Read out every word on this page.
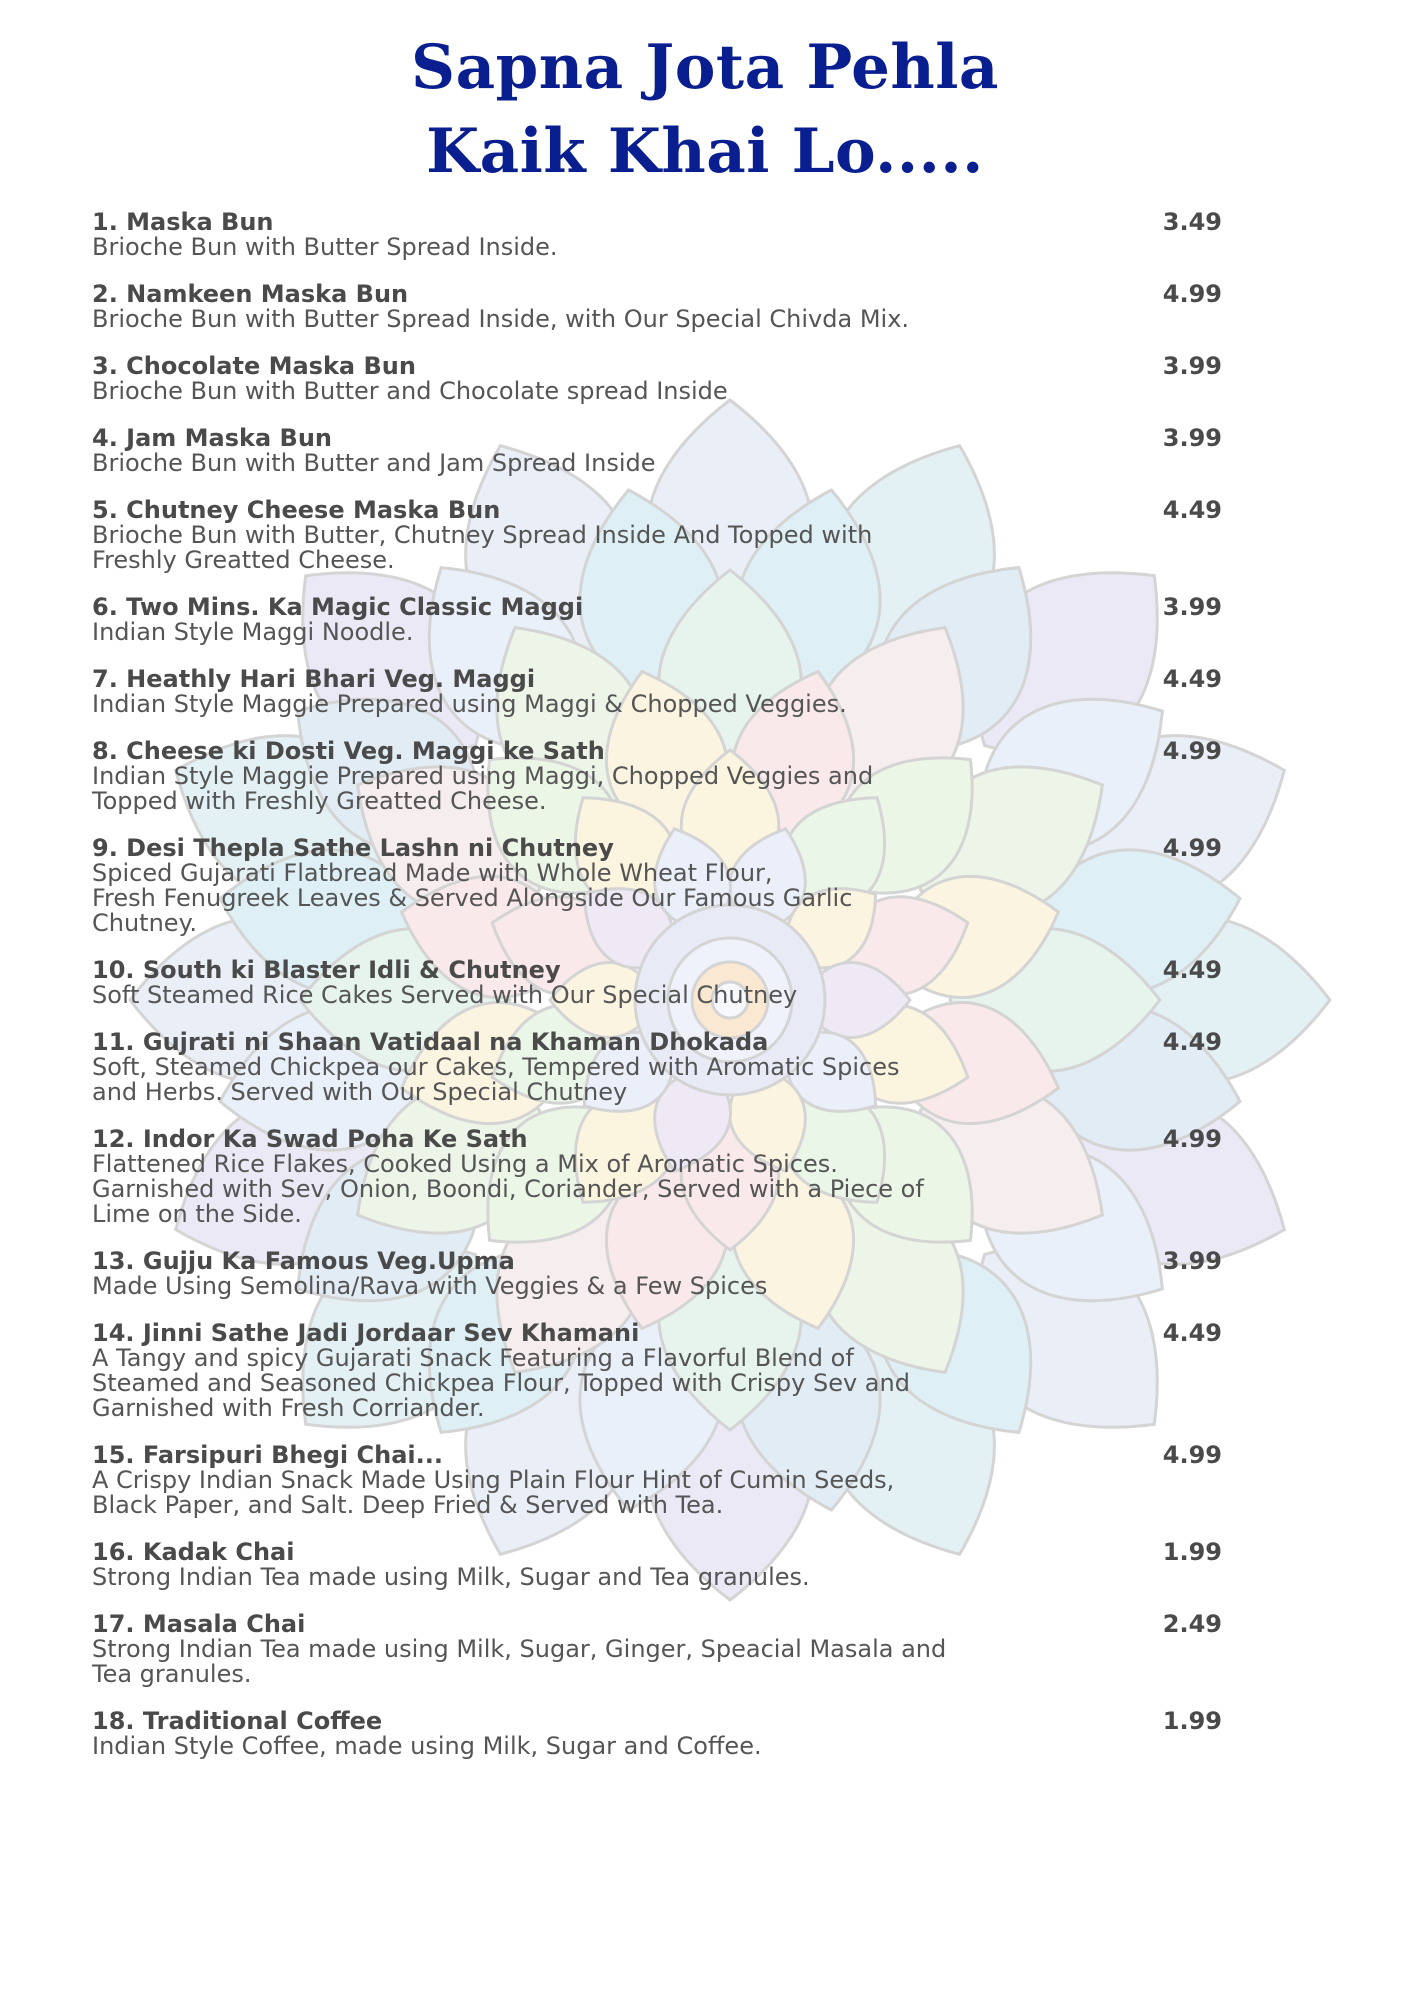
Sapna Jota Pehla
Kaik Khai Lo.....
1. Maska Bun
Brioche Bun with Butter Spread Inside.
3.49
2. Namkeen Maska Bun
Brioche Bun with Butter Spread Inside, with Our Special Chivda Mix.
4.99
3. Chocolate Maska Bun
Brioche Bun with Butter and Chocolate spread Inside
3.99
4. Jam Maska Bun
Brioche Bun with Butter and Jam Spread Inside
3.99
5. Chutney Cheese Maska Bun
Brioche Bun with Butter, Chutney Spread Inside And Topped with
Freshly Greatted Cheese.
4.49
6. Two Mins. Ka Magic Classic Maggi
Indian Style Maggi Noodle.
3.99
7. Heathly Hari Bhari Veg. Maggi
Indian Style Maggie Prepared using Maggi & Chopped Veggies.
4.49
8. Cheese ki Dosti Veg. Maggi ke Sath
Indian Style Maggie Prepared using Maggi, Chopped Veggies and
Topped with Freshly Greatted Cheese.
4.99
9. Desi Thepla Sathe Lashn ni Chutney
Spiced Gujarati Flatbread Made with Whole Wheat Flour,
Fresh Fenugreek Leaves & Served Alongside Our Famous Garlic
Chutney.
4.99
10. South ki Blaster Idli & Chutney
Soft Steamed Rice Cakes Served with Our Special Chutney
4.49
11. Gujrati ni Shaan Vatidaal na Khaman Dhokada
Soft, Steamed Chickpea our Cakes, Tempered with Aromatic Spices
and Herbs. Served with Our Special Chutney
4.49
12. Indor Ka Swad Poha Ke Sath
Flattened Rice Flakes, Cooked Using a Mix of Aromatic Spices.
Garnished with Sev, Onion, Boondi, Coriander, Served with a Piece of
Lime on the Side.
4.99
13. Gujju Ka Famous Veg.Upma
Made Using Semolina/Rava with Veggies & a Few Spices
3.99
14. Jinni Sathe Jadi Jordaar Sev Khamani
A Tangy and spicy Gujarati Snack Featuring a Flavorful Blend of
Steamed and Seasoned Chickpea Flour, Topped with Crispy Sev and
Garnished with Fresh Corriander.
4.49
15. Farsipuri Bhegi Chai...
A Crispy Indian Snack Made Using Plain Flour Hint of Cumin Seeds,
Black Paper, and Salt. Deep Fried & Served with Tea.
4.99
16. Kadak Chai
Strong Indian Tea made using Milk, Sugar and Tea granules.
1.99
17. Masala Chai
Strong Indian Tea made using Milk, Sugar, Ginger, Speacial Masala and
Tea granules.
2.49
18. Traditional Coffee
Indian Style Coffee, made using Milk, Sugar and Coffee.
1.99
